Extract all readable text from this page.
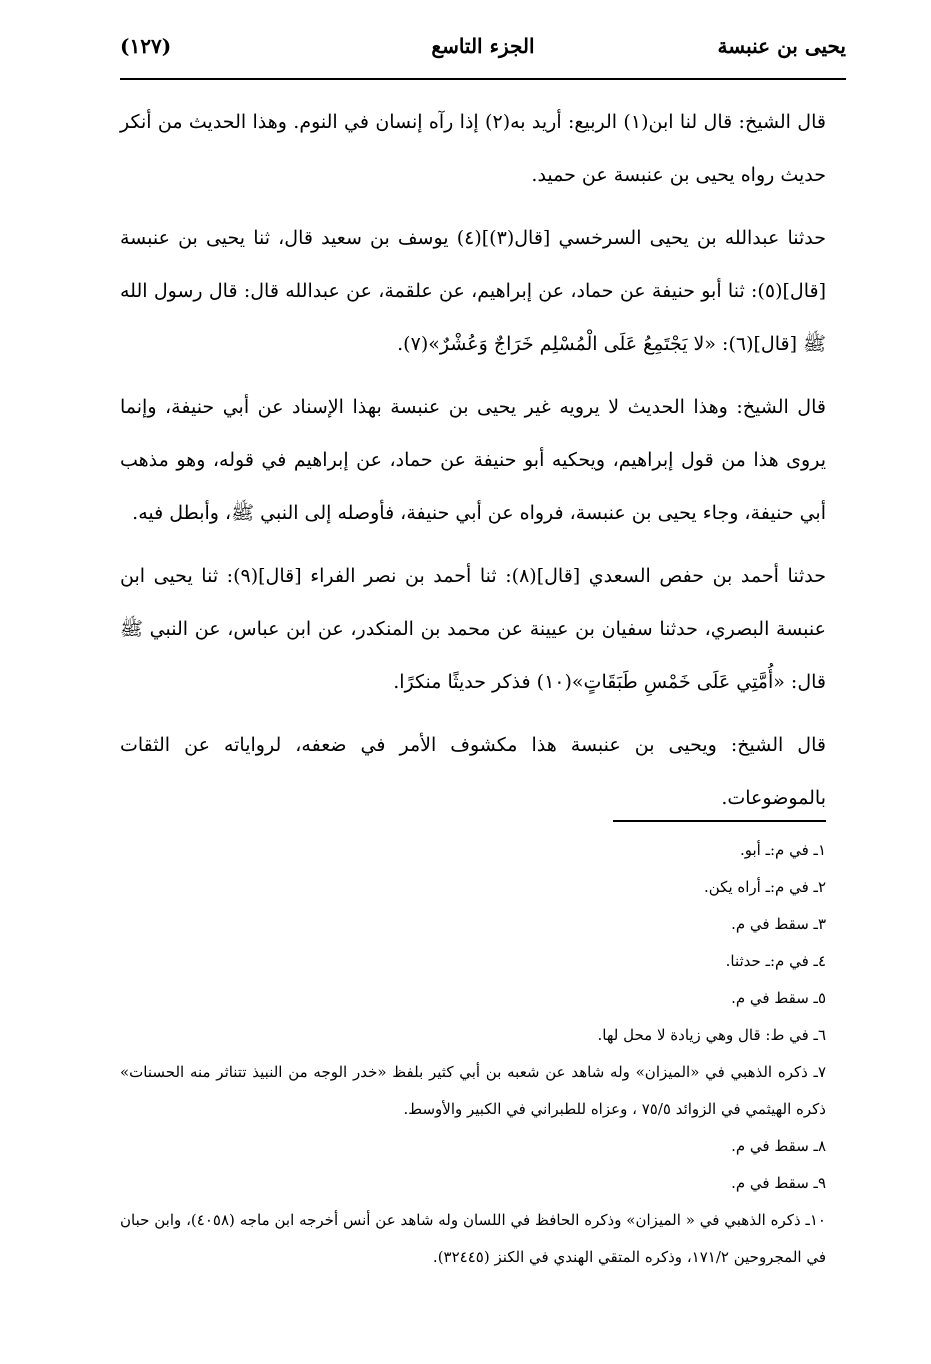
يحيى بن عنبسة
الجزء التاسع
(١٢٧)

قال الشيخ: قال لنا ابن(١) الربيع: أريد به(٢) إذا رآه إنسان في النوم. وهذا الحديث من أنكر حديث رواه يحيى بن عنبسة عن حميد.

حدثنا عبدالله بن يحيى السرخسي [قال(٣)](٤) يوسف بن سعيد قال، ثنا يحيى بن عنبسة [قال](٥): ثنا أبو حنيفة عن حماد، عن إبراهيم، عن علقمة، عن عبدالله قال: قال رسول الله ﷺ [قال](٦): «لا يَجْتَمِعُ عَلَى الْمُسْلِم خَرَاجٌ وَعُشْرٌ»(٧).

قال الشيخ: وهذا الحديث لا يرويه غير يحيى بن عنبسة بهذا الإسناد عن أبي حنيفة، وإنما يروى هذا من قول إبراهيم، ويحكيه أبو حنيفة عن حماد، عن إبراهيم في قوله، وهو مذهب أبي حنيفة، وجاء يحيى بن عنبسة، فرواه عن أبي حنيفة، فأوصله إلى النبي ﷺ، وأبطل فيه.

حدثنا أحمد بن حفص السعدي [قال](٨): ثنا أحمد بن نصر الفراء [قال](٩): ثنا يحيى ابن عنبسة البصري، حدثنا سفيان بن عيينة عن محمد بن المنكدر، عن ابن عباس، عن النبي ﷺ قال: «أُمَّتِي عَلَى خَمْسِ طَبَقَاتٍ»(١٠) فذكر حديثًا منكرًا.

قال الشيخ: ويحيى بن عنبسة هذا مكشوف الأمر في ضعفه، لرواياته عن الثقات بالموضوعات.

١ـ في م:ـ أبو.

٢ـ في م:ـ أراه يكن.

٣ـ سقط في م.

٤ـ في م:ـ حدثنا.

٥ـ سقط في م.

٦ـ في ط: قال وهي زيادة لا محل لها.

٧ـ ذكره الذهبي في «الميزان» وله شاهد عن شعبه بن أبي كثير بلفظ «خدر الوجه من النبيذ تتناثر منه الحسنات» ذكره الهيثمي في الزوائد ٧٥/٥ ، وعزاه للطبراني في الكبير والأوسط.

٨ـ سقط في م.

٩ـ سقط في م.

١٠ـ ذكره الذهبي في « الميزان» وذكره الحافظ في اللسان وله شاهد عن أنس أخرجه ابن ماجه (٤٠٥٨)، وابن حبان في المجروحين ١٧١/٢، وذكره المتقي الهندي في الكنز (٣٢٤٤٥).
